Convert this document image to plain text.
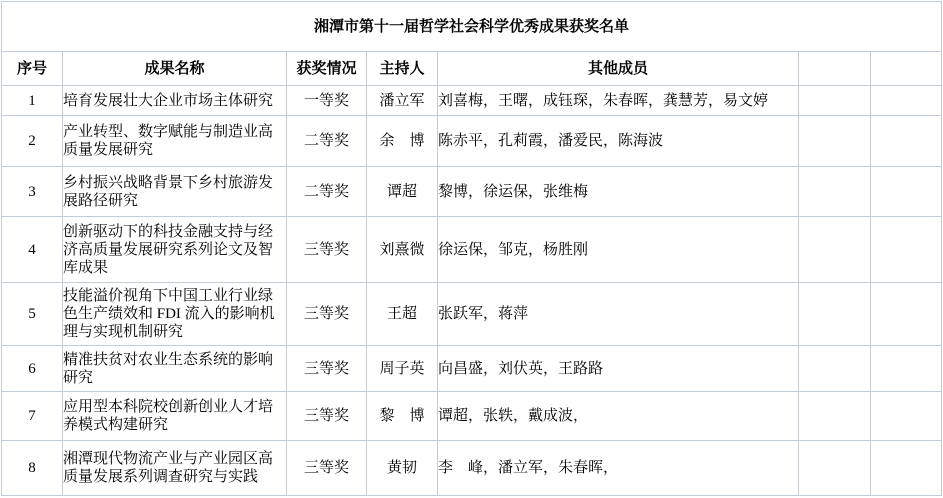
湘潭市第十一届哲学社会科学优秀成果获奖名单						
序号	成果名称	获奖情况	主持人	其他成员		
1	培育发展壮大企业市场主体研究	一等奖	潘立军	刘喜梅，王曙，成钰琛，朱春晖，龚慧芳，易文婷		
2	产业转型、数字赋能与制造业高质量发展研究	二等奖	余　博	陈赤平，孔莉霞，潘爱民，陈海波		
3	乡村振兴战略背景下乡村旅游发展路径研究	二等奖	谭超	黎博，徐运保，张维梅		
4	创新驱动下的科技金融支持与经济高质量发展研究系列论文及智库成果	三等奖	刘熹微	徐运保，邹克，杨胜刚		
5	技能溢价视角下中国工业行业绿色生产绩效和 FDI 流入的影响机理与实现机制研究	三等奖	王超	张跃军，蒋萍		
6	精准扶贫对农业生态系统的影响研究	三等奖	周子英	向昌盛，刘伏英，王路路		
7	应用型本科院校创新创业人才培养模式构建研究	三等奖	黎　博	谭超，张轶，戴成波，		
8	湘潭现代物流产业与产业园区高质量发展系列调查研究与实践	三等奖	黄韧	李　峰，潘立军，朱春晖，		
